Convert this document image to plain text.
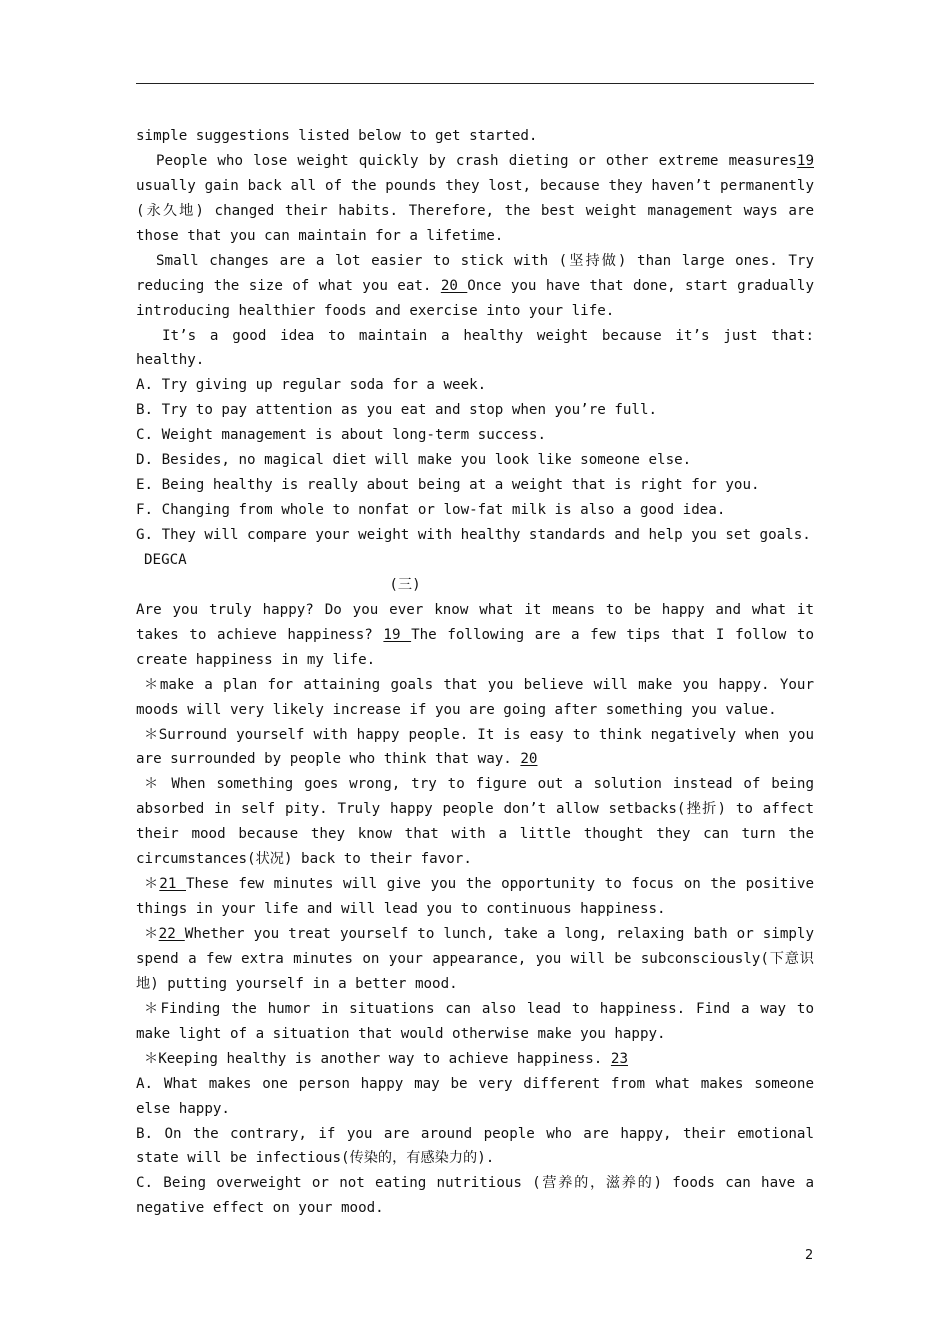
simple suggestions listed below to get started.
People who lose weight quickly by crash dieting or other extreme measures19
usually gain back all of the pounds they lost, because they haven’t permanently
(永久地) changed their habits. Therefore, the best weight management ways are
those that you can maintain for a lifetime.
Small changes are a lot easier to stick with (坚持做) than large ones. Try
reducing the size of what you eat. 20 Once you have that done, start gradually
introducing healthier foods and exercise into your life.
It’s a good idea to maintain a healthy weight because it’s just that:
healthy.
A. Try giving up regular soda for a week.
B. Try to pay attention as you eat and stop when you’re full.
C. Weight management is about long-term success.
D. Besides, no magical diet will make you look like someone else.
E. Being healthy is really about being at a weight that is right for you.
F. Changing from whole to nonfat or low-fat milk is also a good idea.
G. They will compare your weight with healthy standards and help you set goals.
DEGCA
(三)
Are you truly happy? Do you ever know what it means to be happy and what it
takes to achieve happiness? 19 The following are a few tips that I follow to
create happiness in my life.
＊make a plan for attaining goals that you believe will make you happy. Your
moods will very likely increase if you are going after something you value.
＊Surround yourself with happy people. It is easy to think negatively when you
are surrounded by people who think that way. 20
＊ When something goes wrong, try to figure out a solution instead of being
absorbed in self pity. Truly happy people don’t allow setbacks(挫折) to affect
their mood because they know that with a little thought they can turn the
circumstances(状况) back to their favor.
＊21 These few minutes will give you the opportunity to focus on the positive
things in your life and will lead you to continuous happiness.
＊22 Whether you treat yourself to lunch, take a long, relaxing bath or simply
spend a few extra minutes on your appearance, you will be subconsciously(下意识
地) putting yourself in a better mood.
＊Finding the humor in situations can also lead to happiness. Find a way to
make light of a situation that would otherwise make you happy.
＊Keeping healthy is another way to achieve happiness. 23
A. What makes one person happy may be very different from what makes someone
else happy.
B. On the contrary, if you are around people who are happy, their emotional
state will be infectious(传染的，有感染力的).
C. Being overweight or not eating nutritious (营养的，滋养的) foods can have a
negative effect on your mood.
2
